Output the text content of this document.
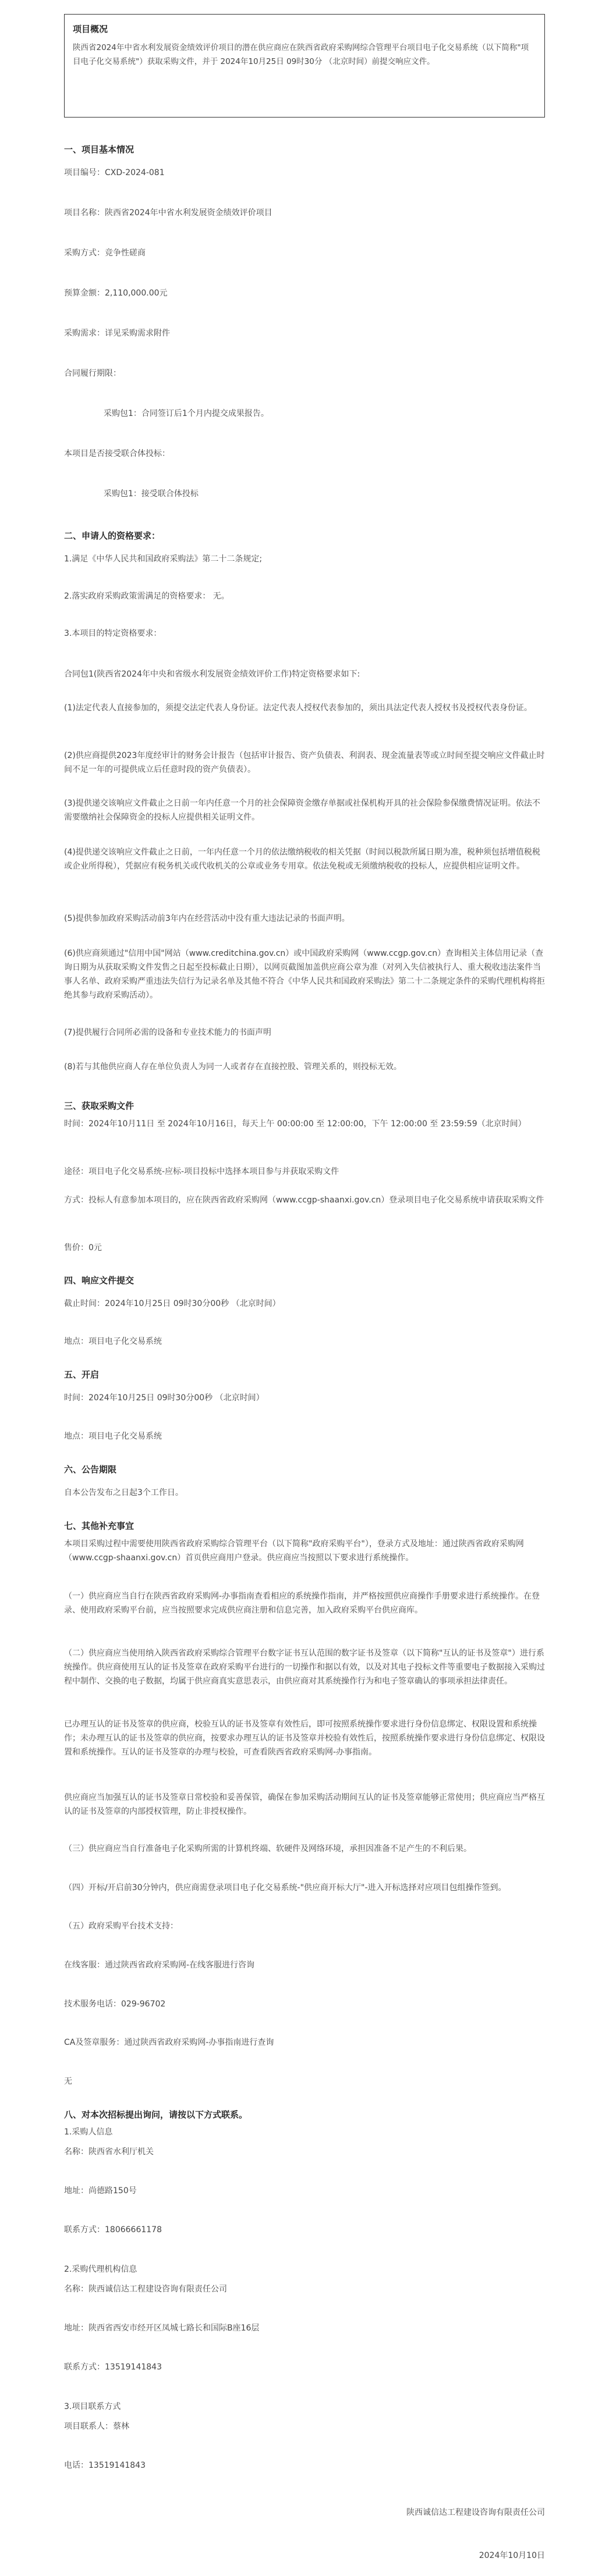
项目概况
陕西省2024年中省水利发展资金绩效评价项目的潜在供应商应在陕西省政府采购网综合管理平台项目电子化交易系统（以下简称"项目电子化交易系统"）获取采购文件，并于 2024年10月25日 09时30分 （北京时间）前提交响应文件。
一、项目基本情况
项目编号：CXD-2024-081
项目名称：陕西省2024年中省水利发展资金绩效评价项目
采购方式：竞争性磋商
预算金额：2,110,000.00元
采购需求：详见采购需求附件
合同履行期限：
采购包1：合同签订后1个月内提交成果报告。
本项目是否接受联合体投标：
采购包1：接受联合体投标
二、申请人的资格要求：
1.满足《中华人民共和国政府采购法》第二十二条规定;
2.落实政府采购政策需满足的资格要求： 无。
3.本项目的特定资格要求：
合同包1(陕西省2024年中央和省级水利发展资金绩效评价工作)特定资格要求如下:
(1)法定代表人直接参加的，须提交法定代表人身份证。法定代表人授权代表参加的，须出具法定代表人授权书及授权代表身份证。
(2)供应商提供2023年度经审计的财务会计报告（包括审计报告、资产负债表、利润表、现金流量表等或立时间至提交响应文件截止时间不足一年的可提供成立后任意时段的资产负债表）。
(3)提供递交该响应文件截止之日前一年内任意一个月的社会保障资金缴存单据或社保机构开具的社会保险参保缴费情况证明。依法不需要缴纳社会保障资金的投标人应提供相关证明文件。
(4)提供递交该响应文件截止之日前，一年内任意一个月的依法缴纳税收的相关凭据（时间以税款所属日期为准，税种须包括增值税税或企业所得税），凭据应有税务机关或代收机关的公章或业务专用章。依法免税或无须缴纳税收的投标人，应提供相应证明文件。
(5)提供参加政府采购活动前3年内在经营活动中没有重大违法记录的书面声明。
(6)供应商须通过"信用中国"网站（www.creditchina.gov.cn）或中国政府采购网（www.ccgp.gov.cn）查询相关主体信用记录（查询日期为从获取采购文件发售之日起至投标截止日期），以网页截图加盖供应商公章为准（对列入失信被执行人、重大税收违法案件当事人名单、政府采购严重违法失信行为记录名单及其他不符合《中华人民共和国政府采购法》第二十二条规定条件的采购代理机构将拒绝其参与政府采购活动）。
(7)提供履行合同所必需的设备和专业技术能力的书面声明
(8)若与其他供应商人存在单位负责人为同一人或者存在直接控股、管理关系的，则投标无效。
三、获取采购文件
时间：2024年10月11日 至 2024年10月16日，每天上午 00:00:00 至 12:00:00，下午 12:00:00 至 23:59:59（北京时间）
途径：项目电子化交易系统-应标-项目投标中选择本项目参与并获取采购文件
方式：投标人有意参加本项目的，应在陕西省政府采购网（www.ccgp-shaanxi.gov.cn）登录项目电子化交易系统申请获取采购文件
售价：0元
四、响应文件提交
截止时间：2024年10月25日 09时30分00秒 （北京时间）
地点：项目电子化交易系统
五、开启
时间：2024年10月25日 09时30分00秒 （北京时间）
地点：项目电子化交易系统
六、公告期限
自本公告发布之日起3个工作日。
七、其他补充事宜
本项目采购过程中需要使用陕西省政府采购综合管理平台（以下简称"政府采购平台"），登录方式及地址：通过陕西省政府采购网（www.ccgp-shaanxi.gov.cn）首页供应商用户登录。供应商应当按照以下要求进行系统操作。
（一）供应商应当自行在陕西省政府采购网-办事指南查看相应的系统操作指南，并严格按照供应商操作手册要求进行系统操作。在登录、使用政府采购平台前，应当按照要求完成供应商注册和信息完善，加入政府采购平台供应商库。
（二）供应商应当使用纳入陕西省政府采购综合管理平台数字证书互认范围的数字证书及签章（以下简称"互认的证书及签章"）进行系统操作。供应商使用互认的证书及签章在政府采购平台进行的一切操作和据以有效，以及对其电子投标文件等重要电子数据接入采购过程中制作、交换的电子数据，均属于供应商真实意思表示，由供应商对其系统操作行为和电子签章确认的事项承担法律责任。
已办理互认的证书及签章的供应商，校验互认的证书及签章有效性后，即可按照系统操作要求进行身份信息绑定、权限设置和系统操作；未办理互认的证书及签章的供应商，按要求办理互认的证书及签章并校验有效性后，按照系统操作要求进行身份信息绑定、权限设置和系统操作。互认的证书及签章的办理与校验，可查看陕西省政府采购网-办事指南。
供应商应当加强互认的证书及签章日常校验和妥善保管，确保在参加采购活动期间互认的证书及签章能够正常使用；供应商应当严格互认的证书及签章的内部授权管理，防止非授权操作。
（三）供应商应当自行准备电子化采购所需的计算机终端、软硬件及网络环境，承担因准备不足产生的不利后果。
（四）开标/开启前30分钟内，供应商需登录项目电子化交易系统-"供应商开标大厅"-进入开标选择对应项目包组操作签到。
（五）政府采购平台技术支持：
在线客服：通过陕西省政府采购网-在线客服进行咨询
技术服务电话：029-96702
CA及签章服务：通过陕西省政府采购网-办事指南进行查询
无
八、对本次招标提出询问，请按以下方式联系。
1.采购人信息
名称：陕西省水利厅机关
地址：尚德路150号
联系方式：18066661178
2.采购代理机构信息
名称：陕西诚信达工程建设咨询有限责任公司
地址：陕西省西安市经开区凤城七路长和国际B座16层
联系方式：13519141843
3.项目联系方式
项目联系人：蔡林
电话：13519141843
陕西诚信达工程建设咨询有限责任公司
2024年10月10日
